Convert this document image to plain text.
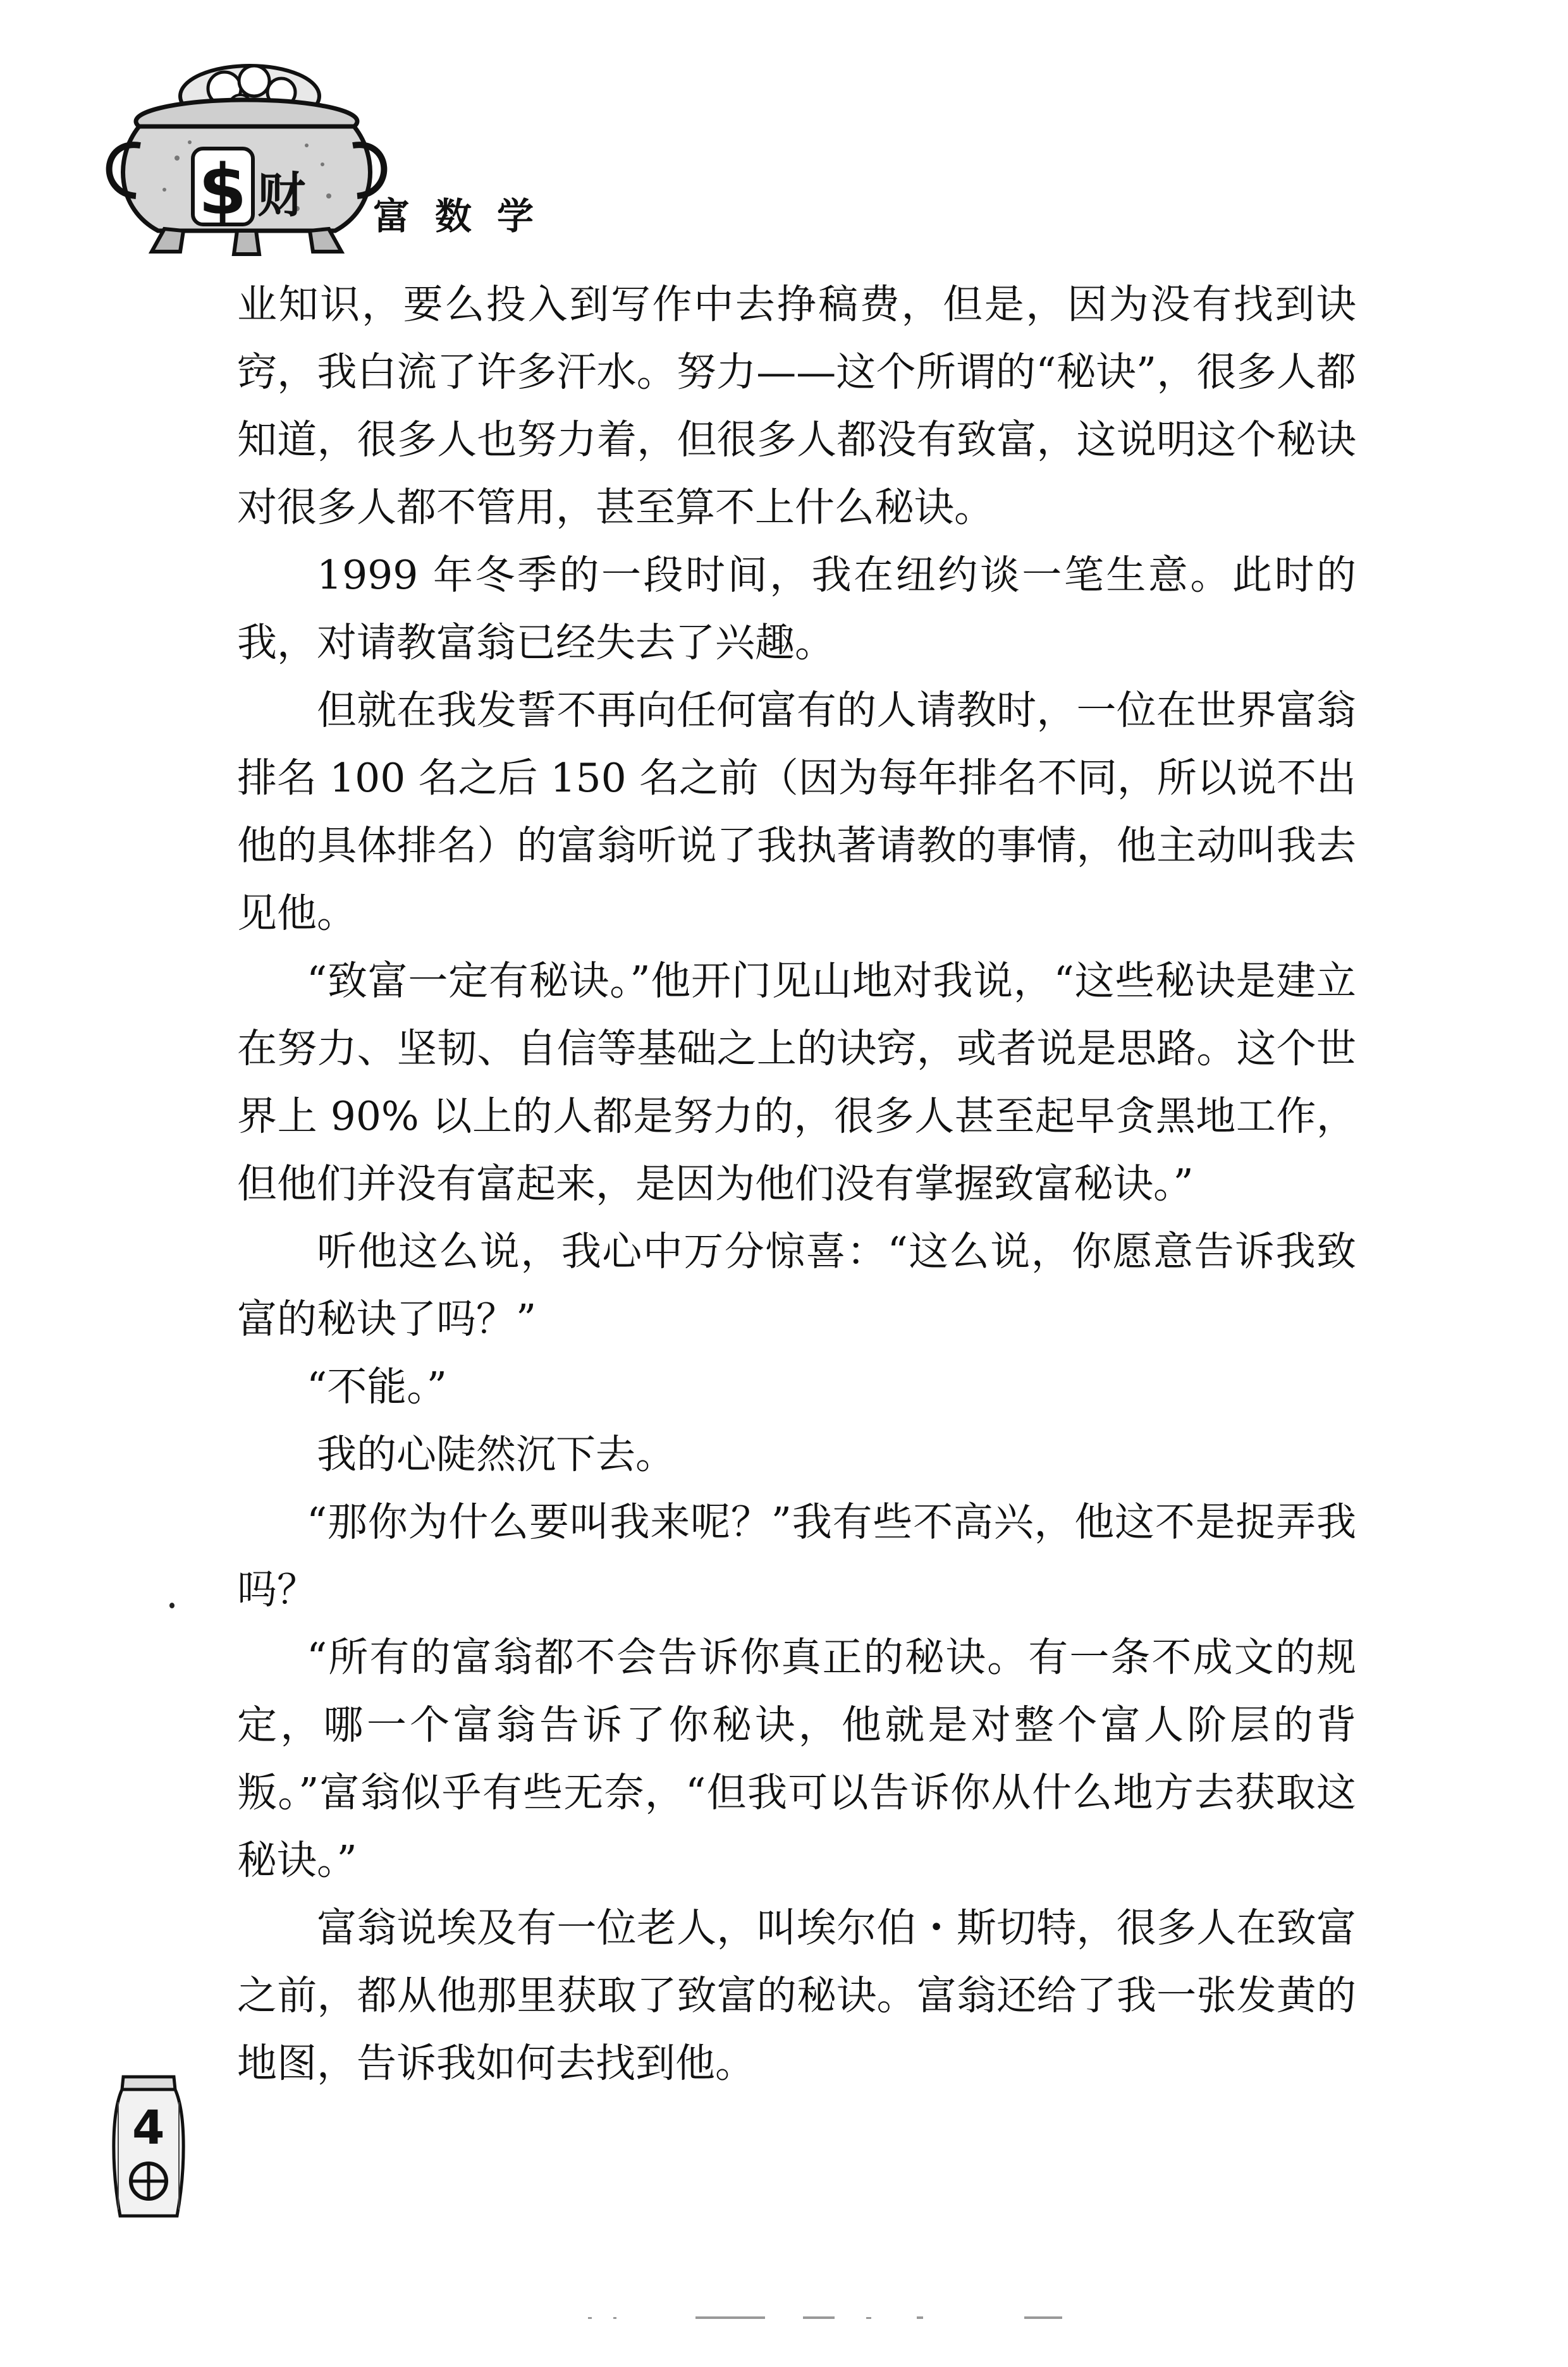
$ 财 富数学

业知识，要么投入到写作中去挣稿费，但是，因为没有找到诀窍，我白流了许多汗水。努力——这个所谓的“秘诀”，很多人都知道，很多人也努力着，但很多人都没有致富，这说明这个秘诀对很多人都不管用，甚至算不上什么秘诀。

1999 年冬季的一段时间，我在纽约谈一笔生意。此时的我，对请教富翁已经失去了兴趣。

但就在我发誓不再向任何富有的人请教时，一位在世界富翁排名 100 名之后 150 名之前（因为每年排名不同，所以说不出他的具体排名）的富翁听说了我执著请教的事情，他主动叫我去见他。

“致富一定有秘诀。”他开门见山地对我说，“这些秘诀是建立在努力、坚韧、自信等基础之上的诀窍，或者说是思路。这个世界上 90% 以上的人都是努力的，很多人甚至起早贪黑地工作，但他们并没有富起来，是因为他们没有掌握致富秘诀。”

听他这么说，我心中万分惊喜：“这么说，你愿意告诉我致富的秘诀了吗？”

“不能。”

我的心陡然沉下去。

“那你为什么要叫我来呢？”我有些不高兴，他这不是捉弄我吗？

“所有的富翁都不会告诉你真正的秘诀。有一条不成文的规定，哪一个富翁告诉了你秘诀，他就是对整个富人阶层的背叛。”富翁似乎有些无奈，“但我可以告诉你从什么地方去获取这秘诀。”

富翁说埃及有一位老人，叫埃尔伯・斯切特，很多人在致富之前，都从他那里获取了致富的秘诀。富翁还给了我一张发黄的地图，告诉我如何去找到他。

4
